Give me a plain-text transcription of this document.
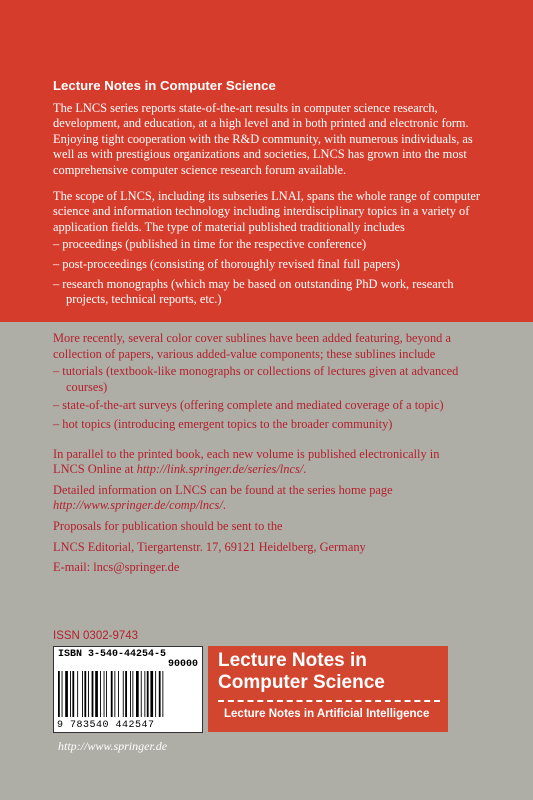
Lecture Notes in Computer Science

The LNCS series reports state-of-the-art results in computer science research, development, and education, at a high level and in both printed and electronic form. Enjoying tight cooperation with the R&D community, with numerous individuals, as well as with prestigious organizations and societies, LNCS has grown into the most comprehensive computer science research forum available.

The scope of LNCS, including its subseries LNAI, spans the whole range of computer science and information technology including interdisciplinary topics in a variety of application fields. The type of material published traditionally includes

– proceedings (published in time for the respective conference)
– post-proceedings (consisting of thoroughly revised final full papers)
– research monographs (which may be based on outstanding PhD work, research projects, technical reports, etc.)

More recently, several color cover sublines have been added featuring, beyond a collection of papers, various added-value components; these sublines include

– tutorials (textbook-like monographs or collections of lectures given at advanced courses)
– state-of-the-art surveys (offering complete and mediated coverage of a topic)
– hot topics (introducing emergent topics to the broader community)

In parallel to the printed book, each new volume is published electronically in LNCS Online at http://link.springer.de/series/lncs/.

Detailed information on LNCS can be found at the series home page http://www.springer.de/comp/lncs/.

Proposals for publication should be sent to the

LNCS Editorial, Tiergartenstr. 17, 69121 Heidelberg, Germany

E-mail: lncs@springer.de

ISSN 0302-9743
ISBN 3-540-44254-5
90000
9 783540 442547
Lecture Notes in
Computer Science
Lecture Notes in Artificial Intelligence
http://www.springer.de
